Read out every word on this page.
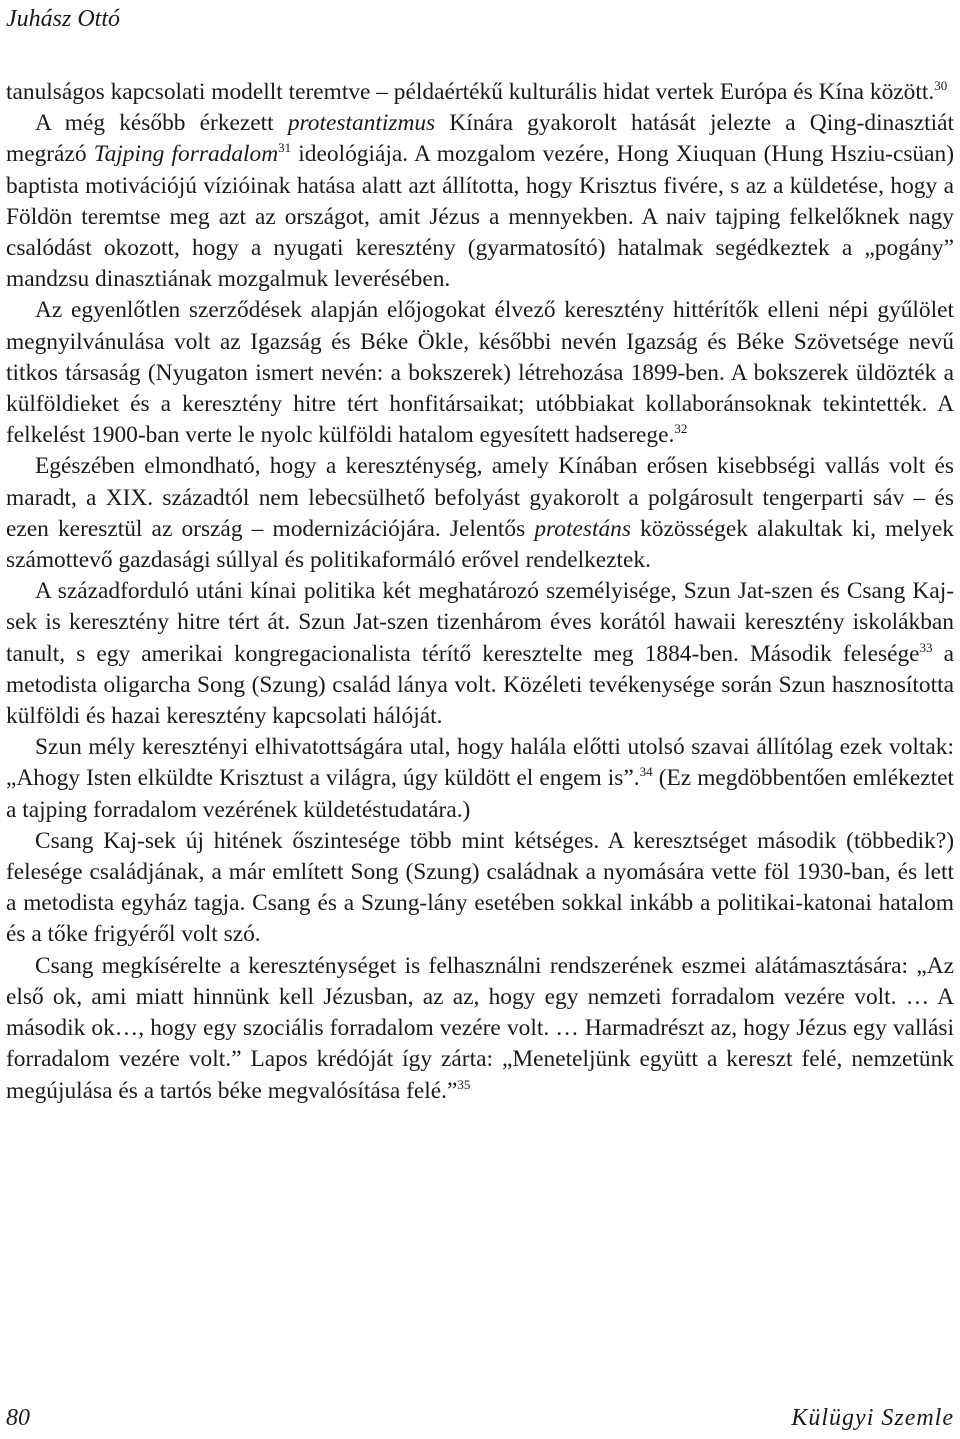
Juhász Ottó

tanulságos kapcsolati modellt teremtve – példaértékű kulturális hidat vertek Európa és Kína között.$^{30}$

A még később érkezett protestantizmus Kínára gyakorolt hatását jelezte a Qing-dinasztiát megrázó Tajping forradalom$^{31}$ ideológiája. A mozgalom vezére, Hong Xiuquan (Hung Hsziu-csüan) baptista motivációjú vízióinak hatása alatt azt állította, hogy Krisztus fivére, s az a küldetése, hogy a Földön teremtse meg azt az országot, amit Jézus a mennyekben. A naiv tajping felkelőknek nagy csalódást okozott, hogy a nyugati keresztény (gyarmatosító) hatalmak segédkeztek a „pogány” mandzsu dinasztiának mozgalmuk leverésében.

Az egyenlőtlen szerződések alapján előjogokat élvező keresztény hittérítők elleni népi gyűlölet megnyilvánulása volt az Igazság és Béke Ökle, későbbi nevén Igazság és Béke Szövetsége nevű titkos társaság (Nyugaton ismert nevén: a bokszerek) létrehozása 1899-ben. A bokszerek üldözték a külföldieket és a keresztény hitre tért honfitársaikat; utóbbiakat kollaboránsoknak tekintették. A felkelést 1900-ban verte le nyolc külföldi hatalom egyesített hadserege.$^{32}$

Egészében elmondható, hogy a kereszténység, amely Kínában erősen kisebbségi vallás volt és maradt, a XIX. századtól nem lebecsülhető befolyást gyakorolt a polgárosult tengerparti sáv – és ezen keresztül az ország – modernizációjára. Jelentős protestáns közösségek alakultak ki, melyek számottevő gazdasági súllyal és politikaformáló erővel rendelkeztek.

A századforduló utáni kínai politika két meghatározó személyisége, Szun Jat-szen és Csang Kaj-sek is keresztény hitre tért át. Szun Jat-szen tizenhárom éves korától hawaii keresztény iskolákban tanult, s egy amerikai kongregacionalista térítő keresztelte meg 1884-ben. Második felesége$^{33}$ a metodista oligarcha Song (Szung) család lánya volt. Közéleti tevékenysége során Szun hasznosította külföldi és hazai keresztény kapcsolati hálóját.

Szun mély keresztényi elhivatottságára utal, hogy halála előtti utolsó szavai állítólag ezek voltak: „Ahogy Isten elküldte Krisztust a világra, úgy küldött el engem is”.$^{34}$ (Ez megdöbbentően emlékeztet a tajping forradalom vezérének küldetéstudatára.)

Csang Kaj-sek új hitének őszintesége több mint kétséges. A keresztséget második (többedik?) felesége családjának, a már említett Song (Szung) családnak a nyomására vette föl 1930-ban, és lett a metodista egyház tagja. Csang és a Szung-lány esetében sokkal inkább a politikai-katonai hatalom és a tőke frigyéről volt szó.

Csang megkísérelte a kereszténységet is felhasználni rendszerének eszmei alátámasztására: „Az első ok, ami miatt hinnünk kell Jézusban, az az, hogy egy nemzeti forradalom vezére volt. … A második ok…, hogy egy szociális forradalom vezére volt. … Harmadrészt az, hogy Jézus egy vallási forradalom vezére volt.” Lapos krédóját így zárta: „Meneteljünk együtt a kereszt felé, nemzetünk megújulása és a tartós béke megvalósítása felé.”$^{35}$

80	Külügyi Szemle
